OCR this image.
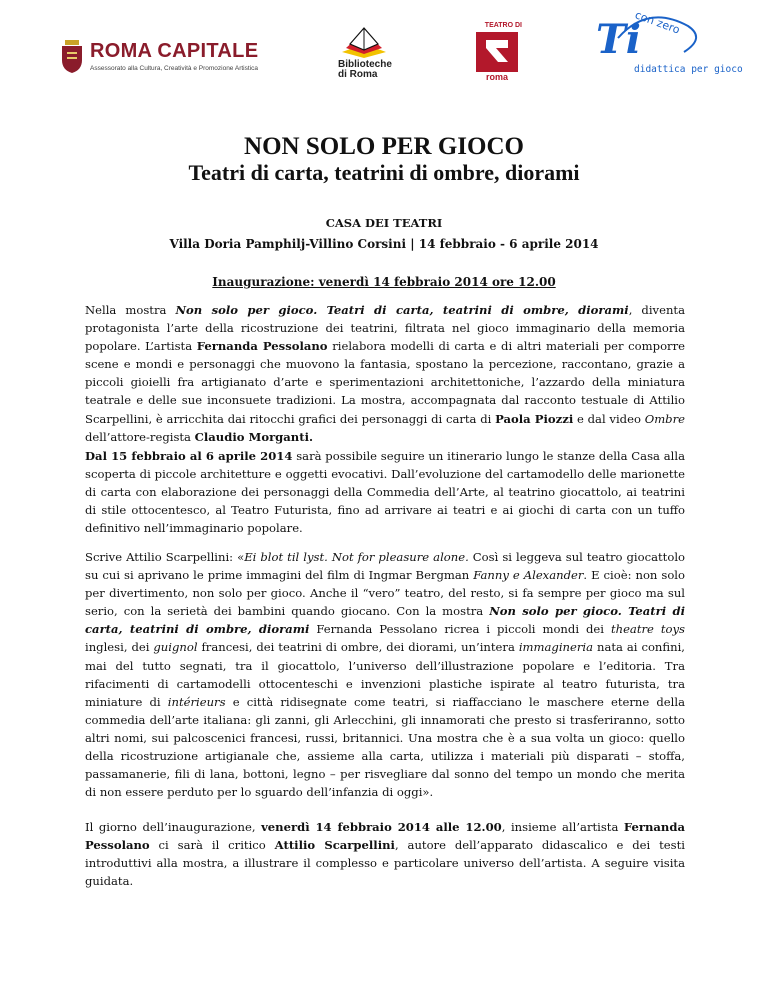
ROMA CAPITALE
Assessorato alla Cultura, Creatività e Promozione Artistica	Biblioteche
di Roma
TEATRO DI
roma
Ti
con zero
didattica per gioco
NON SOLO PER GIOCO
Teatri di carta, teatrini di ombre, diorami
CASA DEI TEATRI
Villa Doria Pamphilj-Villino Corsini | 14 febbraio - 6 aprile 2014
Inaugurazione: venerdì 14 febbraio 2014 ore 12.00

Nella mostra Non solo per gioco. Teatri di carta, teatrini di ombre, diorami, diventa protagonista l’arte della ricostruzione dei teatrini, filtrata nel gioco immaginario della memoria popolare. L’artista Fernanda Pessolano rielabora modelli di carta e di altri materiali per comporre scene e mondi e personaggi che muovono la fantasia, spostano la percezione, raccontano, grazie a piccoli gioielli fra artigianato d’arte e sperimentazioni architettoniche, l’azzardo della miniatura teatrale e delle sue inconsuete tradizioni. La mostra, accompagnata dal racconto testuale di Attilio Scarpellini, è arricchita dai ritocchi grafici dei personaggi di carta di Paola Piozzi e dal video Ombre dell’attore-regista Claudio Morganti.

Dal 15 febbraio al 6 aprile 2014 sarà possibile seguire un itinerario lungo le stanze della Casa alla scoperta di piccole architetture e oggetti evocativi. Dall’evoluzione del cartamodello delle marionette di carta con elaborazione dei personaggi della Commedia dell’Arte, al teatrino giocattolo, ai teatrini di stile ottocentesco, al Teatro Futurista, fino ad arrivare ai teatri e ai giochi di carta con un tuffo definitivo nell’immaginario popolare.

Scrive Attilio Scarpellini: «Ei blot til lyst. Not for pleasure alone. Così si leggeva sul teatro giocattolo su cui si aprivano le prime immagini del film di Ingmar Bergman Fanny e Alexander. E cioè: non solo per divertimento, non solo per gioco. Anche il “vero” teatro, del resto, si fa sempre per gioco ma sul serio, con la serietà dei bambini quando giocano. Con la mostra Non solo per gioco. Teatri di carta, teatrini di ombre, diorami Fernanda Pessolano ricrea i piccoli mondi dei theatre toys inglesi, dei guignol francesi, dei teatrini di ombre, dei diorami, un’intera immagineria nata ai confini, mai del tutto segnati, tra il giocattolo, l’universo dell’illustrazione popolare e l’editoria. Tra rifacimenti di cartamodelli ottocenteschi e invenzioni plastiche ispirate al teatro futurista, tra miniature di intérieurs e città ridisegnate come teatri, si riaffacciano le maschere eterne della commedia dell’arte italiana: gli zanni, gli Arlecchini, gli innamorati che presto si trasferiranno, sotto altri nomi, sui palcoscenici francesi, russi, britannici. Una mostra che è a sua volta un gioco: quello della ricostruzione artigianale che, assieme alla carta, utilizza i materiali più disparati – stoffa, passamanerie, fili di lana, bottoni, legno – per risvegliare dal sonno del tempo un mondo che merita di non essere perduto per lo sguardo dell’infanzia di oggi».

Il giorno dell’inaugurazione, venerdì 14 febbraio 2014 alle 12.00, insieme all’artista Fernanda Pessolano ci sarà il critico Attilio Scarpellini, autore dell’apparato didascalico e dei testi introduttivi alla mostra, a illustrare il complesso e particolare universo dell’artista. A seguire visita guidata.
